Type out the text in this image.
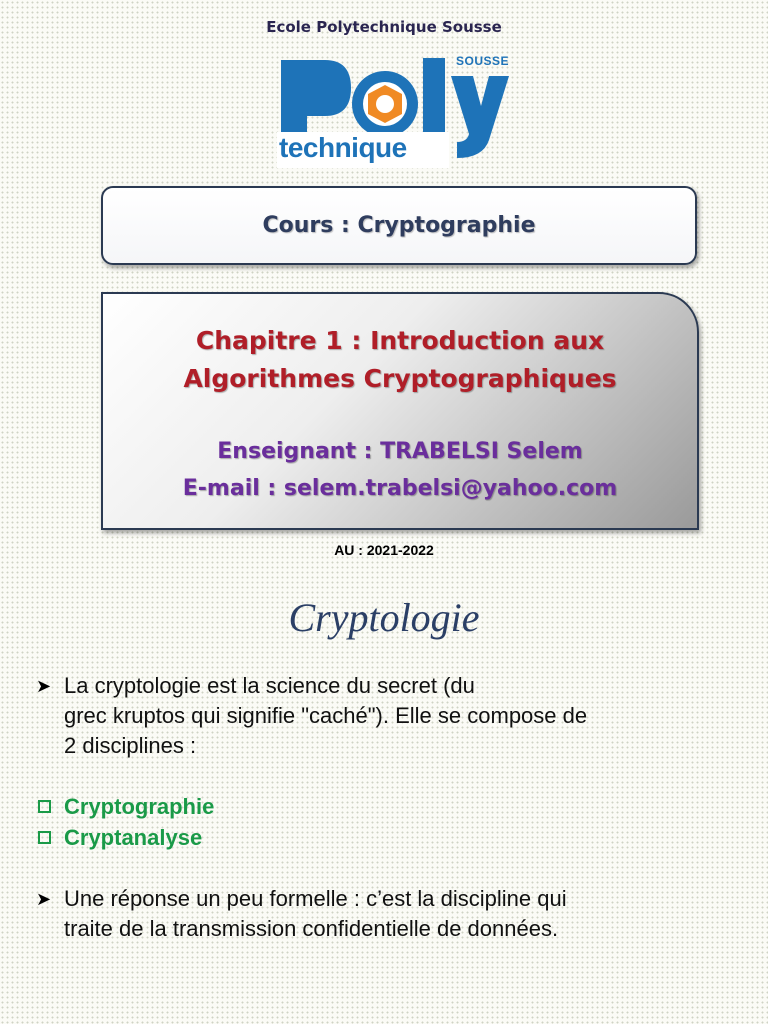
Ecole Polytechnique Sousse
SOUSSE
technique
Cours : Cryptographie
Chapitre 1 : Introduction aux
Algorithmes Cryptographiques
Enseignant : TRABELSI Selem
E-mail : selem.trabelsi@yahoo.com
AU : 2021-2022
Cryptologie
➤ La cryptologie est la science du secret (du
grec kruptos qui signifie "caché"). Elle se compose de
2 disciplines :
Cryptographie
Cryptanalyse
➤ Une réponse un peu formelle : c’est la discipline qui
traite de la transmission confidentielle de données.
